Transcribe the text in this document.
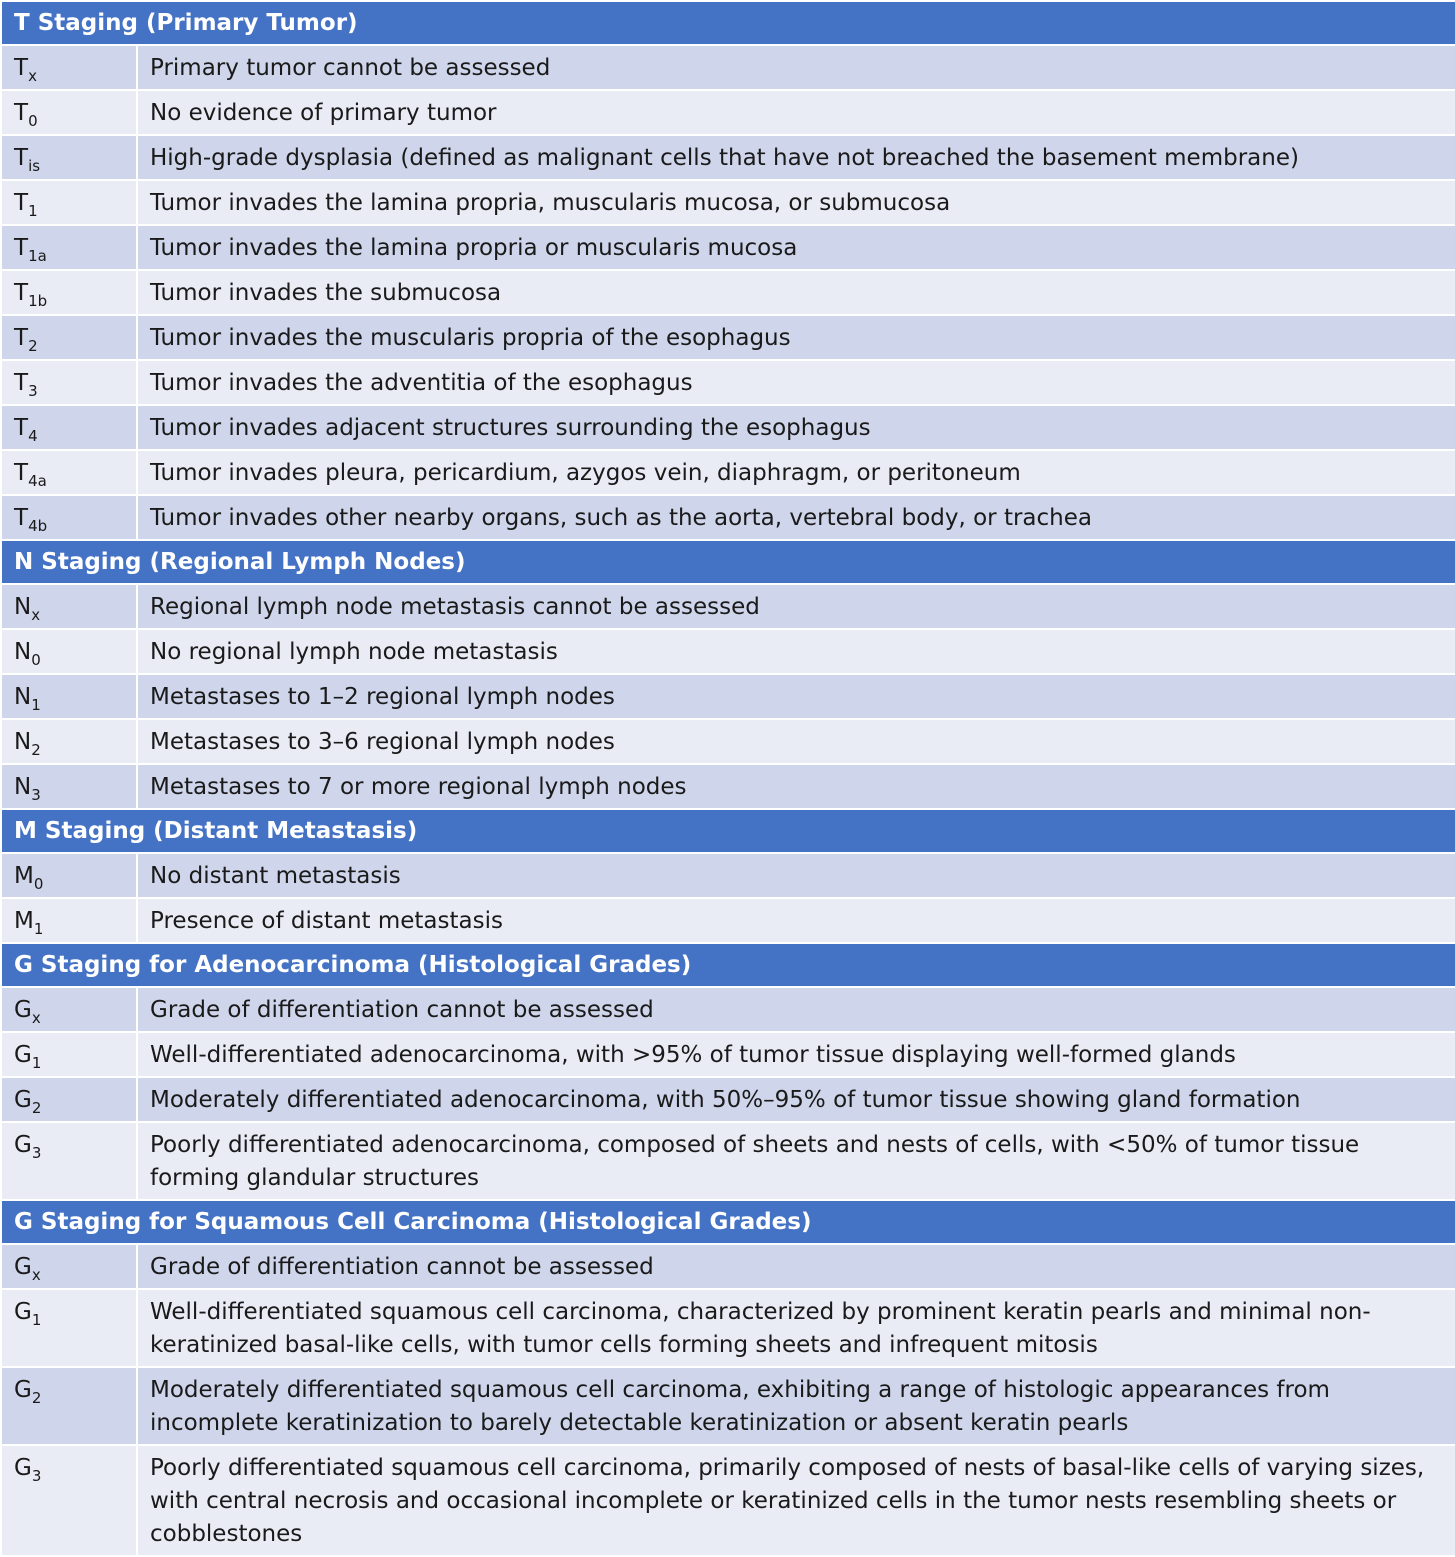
T Staging (Primary Tumor)	
$T_x$	Primary tumor cannot be assessed
$T_0$	No evidence of primary tumor
$T_{is}$	High-grade dysplasia (defined as malignant cells that have not breached the basement membrane)
$T_1$	Tumor invades the lamina propria, muscularis mucosa, or submucosa
$T_{1a}$	Tumor invades the lamina propria or muscularis mucosa
$T_{1b}$	Tumor invades the submucosa
$T_2$	Tumor invades the muscularis propria of the esophagus
$T_3$	Tumor invades the adventitia of the esophagus
$T_4$	Tumor invades adjacent structures surrounding the esophagus
$T_{4a}$	Tumor invades pleura, pericardium, azygos vein, diaphragm, or peritoneum
$T_{4b}$	Tumor invades other nearby organs, such as the aorta, vertebral body, or trachea
N Staging (Regional Lymph Nodes)	
$N_x$	Regional lymph node metastasis cannot be assessed
$N_0$	No regional lymph node metastasis
$N_1$	Metastases to 1–2 regional lymph nodes
$N_2$	Metastases to 3–6 regional lymph nodes
$N_3$	Metastases to 7 or more regional lymph nodes
M Staging (Distant Metastasis)	
$M_0$	No distant metastasis
$M_1$	Presence of distant metastasis
G Staging for Adenocarcinoma (Histological Grades)	
$G_x$	Grade of differentiation cannot be assessed
$G_1$	Well-differentiated adenocarcinoma, with >95% of tumor tissue displaying well-formed glands
$G_2$	Moderately differentiated adenocarcinoma, with 50%–95% of tumor tissue showing gland formation
$G_3$	Poorly differentiated adenocarcinoma, composed of sheets and nests of cells, with <50% of tumor tissue forming glandular structures
G Staging for Squamous Cell Carcinoma (Histological Grades)	
$G_x$	Grade of differentiation cannot be assessed
$G_1$	Well-differentiated squamous cell carcinoma, characterized by prominent keratin pearls and minimal non-keratinized basal-like cells, with tumor cells forming sheets and infrequent mitosis
$G_2$	Moderately differentiated squamous cell carcinoma, exhibiting a range of histologic appearances from incomplete keratinization to barely detectable keratinization or absent keratin pearls
$G_3$	Poorly differentiated squamous cell carcinoma, primarily composed of nests of basal-like cells of varying sizes, with central necrosis and occasional incomplete or keratinized cells in the tumor nests resembling sheets or cobblestones
